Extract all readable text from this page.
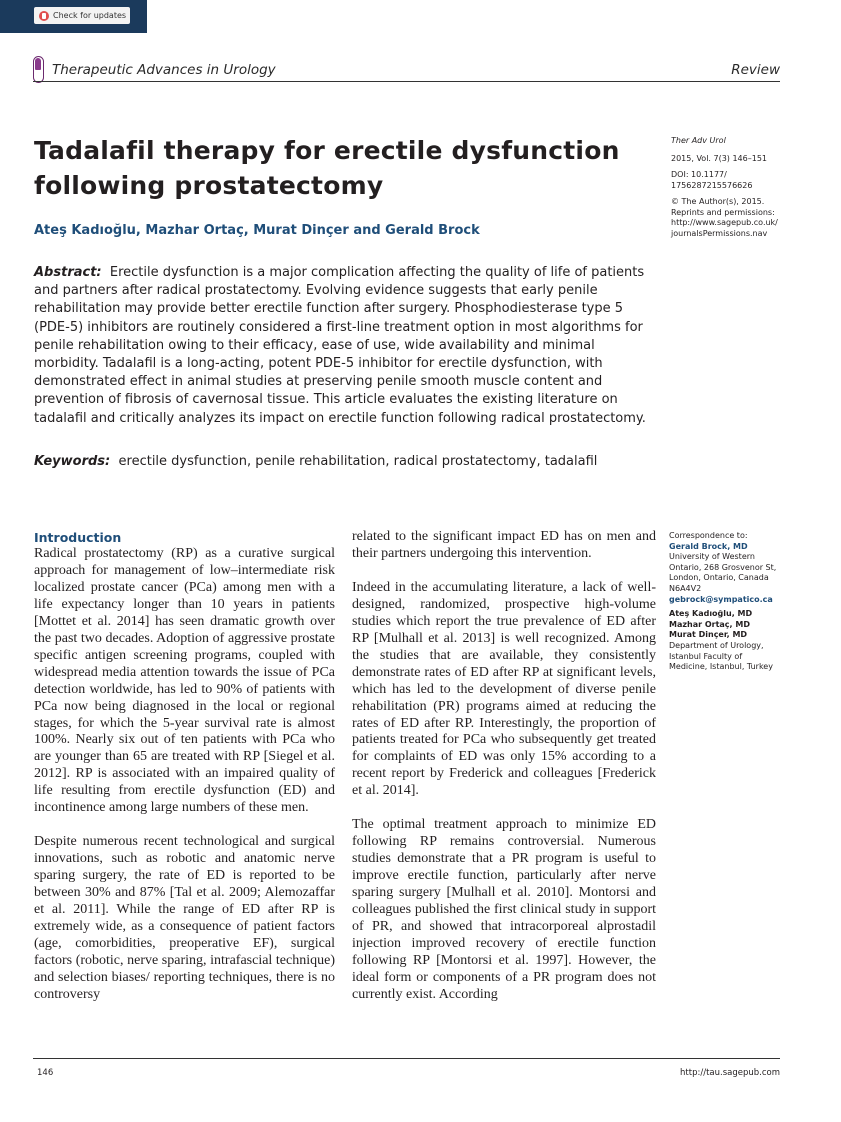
Check for updates
Therapeutic Advances in Urology	Review
Tadalafil therapy for erectile dysfunction following prostatectomy
Ateş Kadıoğlu, Mazhar Ortaç, Murat Dinçer and Gerald Brock
Ther Adv Urol

2015, Vol. 7(3) 146–151

DOI: 10.1177/

1756287215576626

© The Author(s), 2015.
Reprints and permissions:
http://www.sagepub.co.uk/
journalsPermissions.nav

Abstract: Erectile dysfunction is a major complication affecting the quality of life of patients and partners after radical prostatectomy. Evolving evidence suggests that early penile rehabilitation may provide better erectile function after surgery. Phosphodiesterase type 5 (PDE-5) inhibitors are routinely considered a first-line treatment option in most algorithms for penile rehabilitation owing to their efficacy, ease of use, wide availability and minimal morbidity. Tadalafil is a long-acting, potent PDE-5 inhibitor for erectile dysfunction, with demonstrated effect in animal studies at preserving penile smooth muscle content and prevention of fibrosis of cavernosal tissue. This article evaluates the existing literature on tadalafil and critically analyzes its impact on erectile function following radical prostatectomy.

Keywords: erectile dysfunction, penile rehabilitation, radical prostatectomy, tadalafil

Introduction

Radical prostatectomy (RP) as a curative surgical approach for management of low–intermediate risk localized prostate cancer (PCa) among men with a life expectancy longer than 10 years in patients [Mottet et al. 2014] has seen dramatic growth over the past two decades. Adoption of aggressive prostate specific antigen screening programs, coupled with widespread media attention towards the issue of PCa detection worldwide, has led to 90% of patients with PCa now being diagnosed in the local or regional stages, for which the 5-year survival rate is almost 100%. Nearly six out of ten patients with PCa who are younger than 65 are treated with RP [Siegel et al. 2012]. RP is associated with an impaired quality of life resulting from erectile dysfunction (ED) and incontinence among large numbers of these men.

Despite numerous recent technological and surgical innovations, such as robotic and anatomic nerve sparing surgery, the rate of ED is reported to be between 30% and 87% [Tal et al. 2009; Alemozaffar et al. 2011]. While the range of ED after RP is extremely wide, as a consequence of patient factors (age, comorbidities, preoperative EF), surgical factors (robotic, nerve sparing, intrafascial technique) and selection biases/ reporting techniques, there is no controversy

related to the significant impact ED has on men and their partners undergoing this intervention.

Indeed in the accumulating literature, a lack of well-designed, randomized, prospective high-volume studies which report the true prevalence of ED after RP [Mulhall et al. 2013] is well recognized. Among the studies that are available, they consistently demonstrate rates of ED after RP at significant levels, which has led to the development of diverse penile rehabilitation (PR) programs aimed at reducing the rates of ED after RP. Interestingly, the proportion of patients treated for PCa who subsequently get treated for complaints of ED was only 15% according to a recent report by Frederick and colleagues [Frederick et al. 2014].

The optimal treatment approach to minimize ED following RP remains controversial. Numerous studies demonstrate that a PR program is useful to improve erectile function, particularly after nerve sparing surgery [Mulhall et al. 2010]. Montorsi and colleagues published the first clinical study in support of PR, and showed that intracorporeal alprostadil injection improved recovery of erectile function following RP [Montorsi et al. 1997]. However, the ideal form or components of a PR program does not currently exist. According

Correspondence to:

Gerald Brock, MD

University of Western

Ontario, 268 Grosvenor St,

London, Ontario, Canada

N6A4V2

gebrock@sympatico.ca

Ateş Kadıoğlu, MD

Mazhar Ortaç, MD

Murat Dinçer, MD

Department of Urology,

Istanbul Faculty of

Medicine, Istanbul, Turkey

146	http://tau.sagepub.com
